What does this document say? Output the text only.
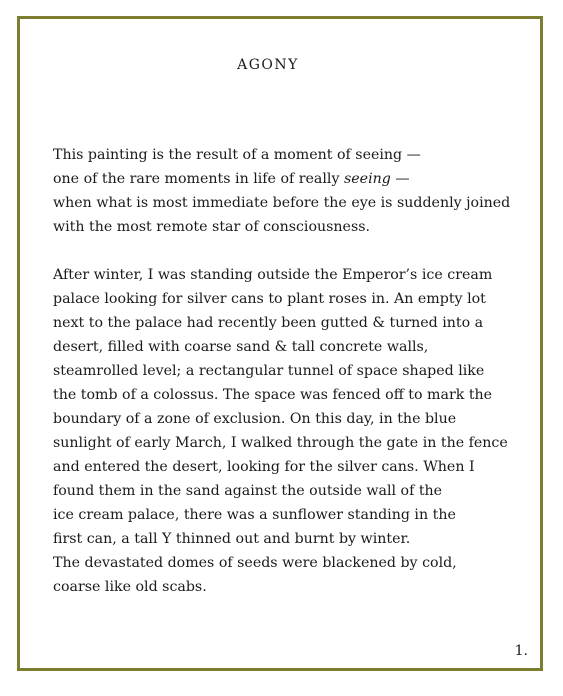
AGONY
This painting is the result of a moment of seeing —
one of the rare moments in life of really seeing —
when what is most immediate before the eye is suddenly joined
with the most remote star of consciousness.
After winter, I was standing outside the Emperor’s ice cream
palace looking for silver cans to plant roses in. An empty lot
next to the palace had recently been gutted & turned into a
desert, filled with coarse sand & tall concrete walls,
steamrolled level; a rectangular tunnel of space shaped like
the tomb of a colossus. The space was fenced off to mark the
boundary of a zone of exclusion. On this day, in the blue
sunlight of early March, I walked through the gate in the fence
and entered the desert, looking for the silver cans. When I
found them in the sand against the outside wall of the
ice cream palace, there was a sunflower standing in the
first can, a tall Y thinned out and burnt by winter.
The devastated domes of seeds were blackened by cold,
coarse like old scabs.
1.
